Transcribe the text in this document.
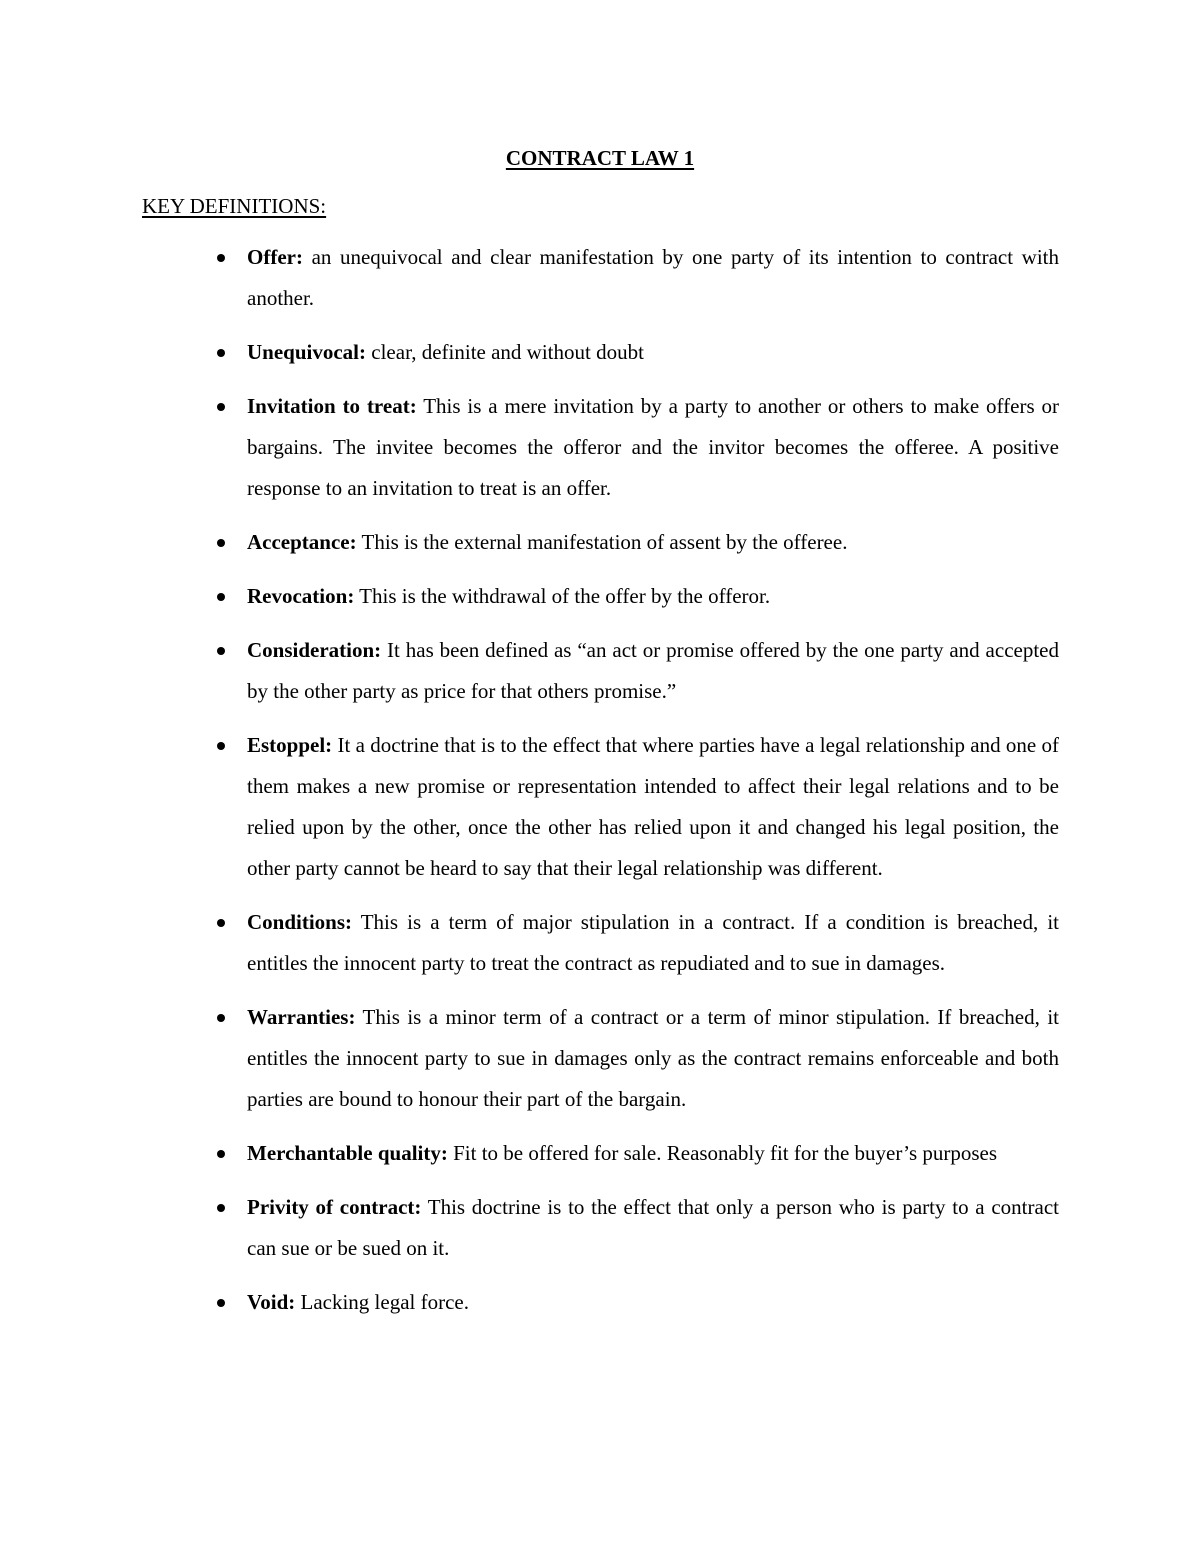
CONTRACT LAW 1
KEY DEFINITIONS:
Offer: an unequivocal and clear manifestation by one party of its intention to contract with another.
Unequivocal: clear, definite and without doubt
Invitation to treat: This is a mere invitation by a party to another or others to make offers or bargains. The invitee becomes the offeror and the invitor becomes the offeree. A positive response to an invitation to treat is an offer.
Acceptance: This is the external manifestation of assent by the offeree.
Revocation: This is the withdrawal of the offer by the offeror.
Consideration: It has been defined as “an act or promise offered by the one party and accepted by the other party as price for that others promise.”
Estoppel: It a doctrine that is to the effect that where parties have a legal relationship and one of them makes a new promise or representation intended to affect their legal relations and to be relied upon by the other, once the other has relied upon it and changed his legal position, the other party cannot be heard to say that their legal relationship was different.
Conditions: This is a term of major stipulation in a contract. If a condition is breached, it entitles the innocent party to treat the contract as repudiated and to sue in damages.
Warranties: This is a minor term of a contract or a term of minor stipulation. If breached, it entitles the innocent party to sue in damages only as the contract remains enforceable and both parties are bound to honour their part of the bargain.
Merchantable quality: Fit to be offered for sale. Reasonably fit for the buyer’s purposes
Privity of contract: This doctrine is to the effect that only a person who is party to a contract can sue or be sued on it.
Void: Lacking legal force.
